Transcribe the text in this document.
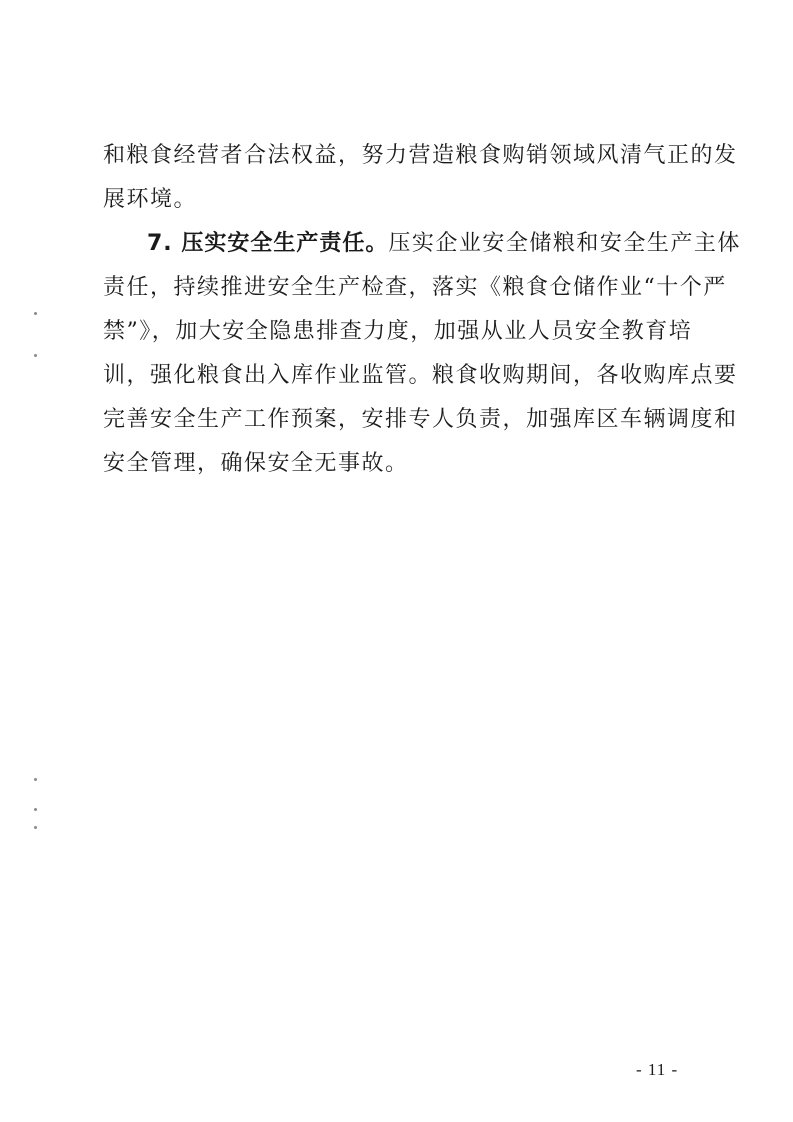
和粮食经营者合法权益，努力营造粮食购销领域风清气正的发
展环境。
7. 压实安全生产责任。压实企业安全储粮和安全生产主体
责任，持续推进安全生产检查，落实《粮食仓储作业“十个严
禁”》，加大安全隐患排查力度，加强从业人员安全教育培
训，强化粮食出入库作业监管。粮食收购期间，各收购库点要
完善安全生产工作预案，安排专人负责，加强库区车辆调度和
安全管理，确保安全无事故。
- 11 -
